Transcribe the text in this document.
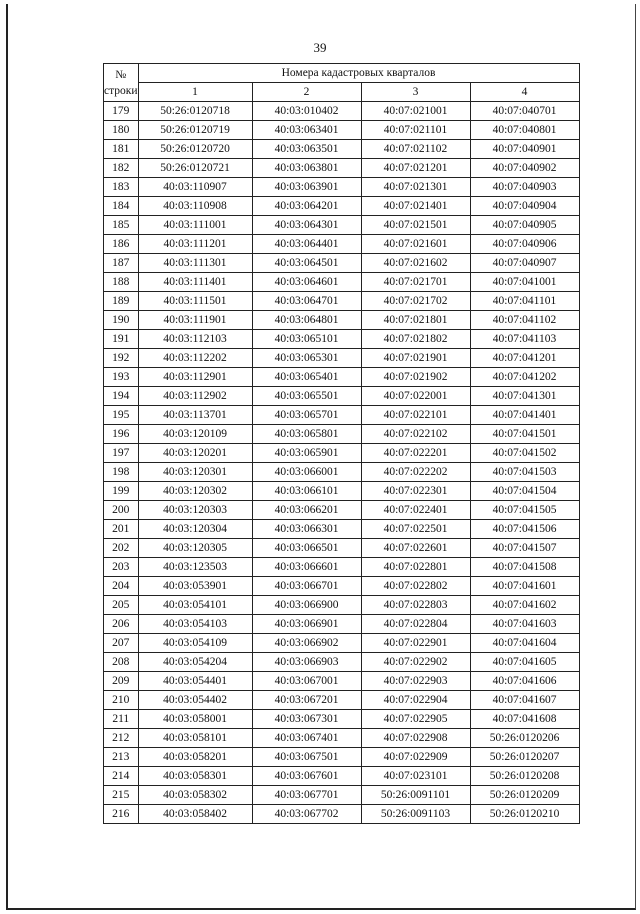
39
№
строки	Номера кадастровых кварталов			
	1	2	3	4
179	50:26:0120718	40:03:010402	40:07:021001	40:07:040701
180	50:26:0120719	40:03:063401	40:07:021101	40:07:040801
181	50:26:0120720	40:03:063501	40:07:021102	40:07:040901
182	50:26:0120721	40:03:063801	40:07:021201	40:07:040902
183	40:03:110907	40:03:063901	40:07:021301	40:07:040903
184	40:03:110908	40:03:064201	40:07:021401	40:07:040904
185	40:03:111001	40:03:064301	40:07:021501	40:07:040905
186	40:03:111201	40:03:064401	40:07:021601	40:07:040906
187	40:03:111301	40:03:064501	40:07:021602	40:07:040907
188	40:03:111401	40:03:064601	40:07:021701	40:07:041001
189	40:03:111501	40:03:064701	40:07:021702	40:07:041101
190	40:03:111901	40:03:064801	40:07:021801	40:07:041102
191	40:03:112103	40:03:065101	40:07:021802	40:07:041103
192	40:03:112202	40:03:065301	40:07:021901	40:07:041201
193	40:03:112901	40:03:065401	40:07:021902	40:07:041202
194	40:03:112902	40:03:065501	40:07:022001	40:07:041301
195	40:03:113701	40:03:065701	40:07:022101	40:07:041401
196	40:03:120109	40:03:065801	40:07:022102	40:07:041501
197	40:03:120201	40:03:065901	40:07:022201	40:07:041502
198	40:03:120301	40:03:066001	40:07:022202	40:07:041503
199	40:03:120302	40:03:066101	40:07:022301	40:07:041504
200	40:03:120303	40:03:066201	40:07:022401	40:07:041505
201	40:03:120304	40:03:066301	40:07:022501	40:07:041506
202	40:03:120305	40:03:066501	40:07:022601	40:07:041507
203	40:03:123503	40:03:066601	40:07:022801	40:07:041508
204	40:03:053901	40:03:066701	40:07:022802	40:07:041601
205	40:03:054101	40:03:066900	40:07:022803	40:07:041602
206	40:03:054103	40:03:066901	40:07:022804	40:07:041603
207	40:03:054109	40:03:066902	40:07:022901	40:07:041604
208	40:03:054204	40:03:066903	40:07:022902	40:07:041605
209	40:03:054401	40:03:067001	40:07:022903	40:07:041606
210	40:03:054402	40:03:067201	40:07:022904	40:07:041607
211	40:03:058001	40:03:067301	40:07:022905	40:07:041608
212	40:03:058101	40:03:067401	40:07:022908	50:26:0120206
213	40:03:058201	40:03:067501	40:07:022909	50:26:0120207
214	40:03:058301	40:03:067601	40:07:023101	50:26:0120208
215	40:03:058302	40:03:067701	50:26:0091101	50:26:0120209
216	40:03:058402	40:03:067702	50:26:0091103	50:26:0120210
